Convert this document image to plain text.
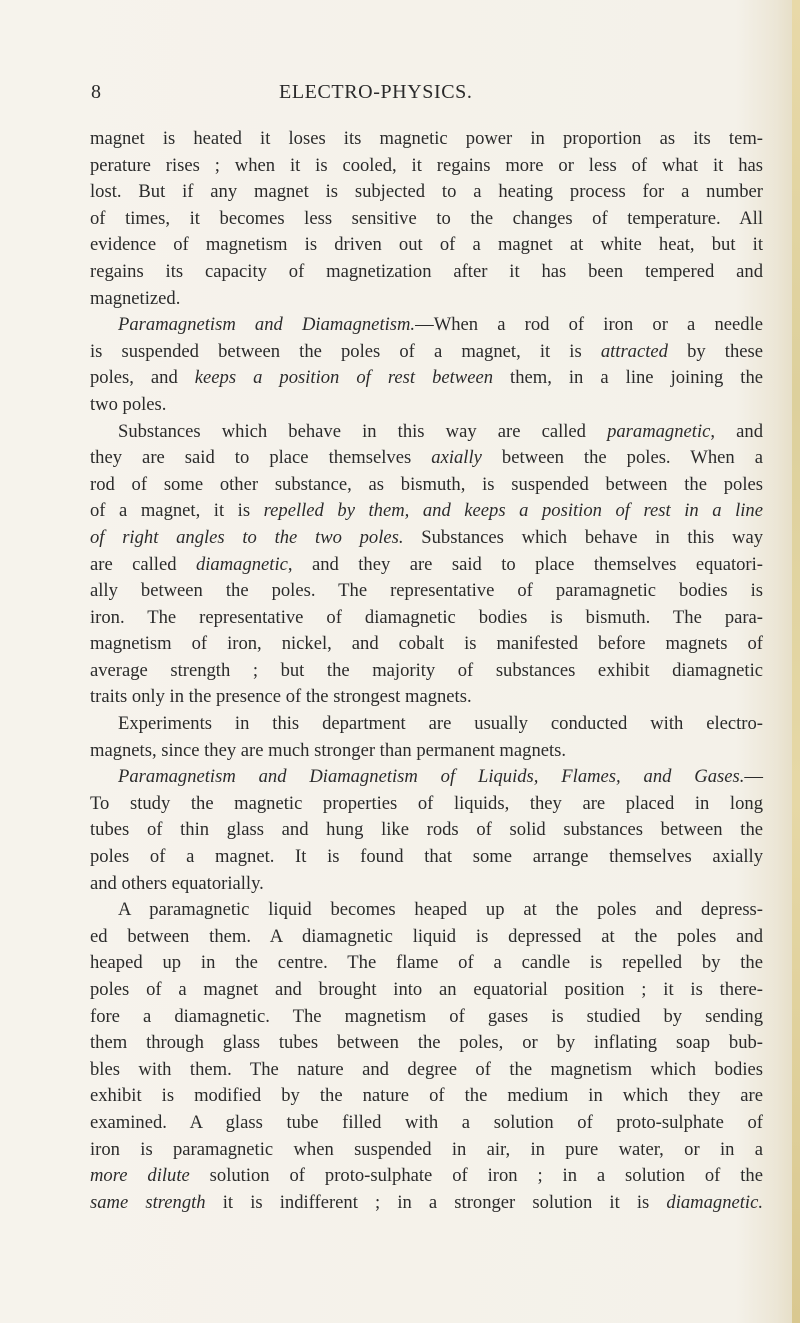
8	ELECTRO-PHYSICS.
magnet is heated it loses its magnetic power in proportion as its tem-
perature rises ; when it is cooled, it regains more or less of what it has
lost. But if any magnet is subjected to a heating process for a number
of times, it becomes less sensitive to the changes of temperature. All
evidence of magnetism is driven out of a magnet at white heat, but it
regains its capacity of magnetization after it has been tempered and
magnetized.
Paramagnetism and Diamagnetism.—When a rod of iron or a needle
is suspended between the poles of a magnet, it is attracted by these
poles, and keeps a position of rest between them, in a line joining the
two poles.
Substances which behave in this way are called paramagnetic, and
they are said to place themselves axially between the poles. When a
rod of some other substance, as bismuth, is suspended between the poles
of a magnet, it is repelled by them, and keeps a position of rest in a line
of right angles to the two poles. Substances which behave in this way
are called diamagnetic, and they are said to place themselves equatori-
ally between the poles. The representative of paramagnetic bodies is
iron. The representative of diamagnetic bodies is bismuth. The para-
magnetism of iron, nickel, and cobalt is manifested before magnets of
average strength ; but the majority of substances exhibit diamagnetic
traits only in the presence of the strongest magnets.
Experiments in this department are usually conducted with electro-
magnets, since they are much stronger than permanent magnets.
Paramagnetism and Diamagnetism of Liquids, Flames, and Gases.—
To study the magnetic properties of liquids, they are placed in long
tubes of thin glass and hung like rods of solid substances between the
poles of a magnet. It is found that some arrange themselves axially
and others equatorially.
A paramagnetic liquid becomes heaped up at the poles and depress-
ed between them. A diamagnetic liquid is depressed at the poles and
heaped up in the centre. The flame of a candle is repelled by the
poles of a magnet and brought into an equatorial position ; it is there-
fore a diamagnetic. The magnetism of gases is studied by sending
them through glass tubes between the poles, or by inflating soap bub-
bles with them. The nature and degree of the magnetism which bodies
exhibit is modified by the nature of the medium in which they are
examined. A glass tube filled with a solution of proto-sulphate of
iron is paramagnetic when suspended in air, in pure water, or in a
more dilute solution of proto-sulphate of iron ; in a solution of the
same strength it is indifferent ; in a stronger solution it is diamagnetic.
